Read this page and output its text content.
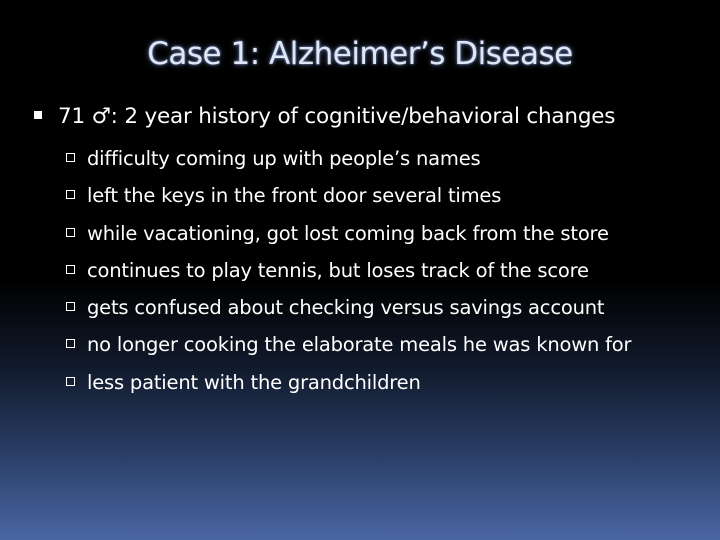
Case 1: Alzheimer’s Disease
71 ♂: 2 year history of cognitive/behavioral changes
difficulty coming up with people’s names
left the keys in the front door several times
while vacationing, got lost coming back from the store
continues to play tennis, but loses track of the score
gets confused about checking versus savings account
no longer cooking the elaborate meals he was known for
less patient with the grandchildren
